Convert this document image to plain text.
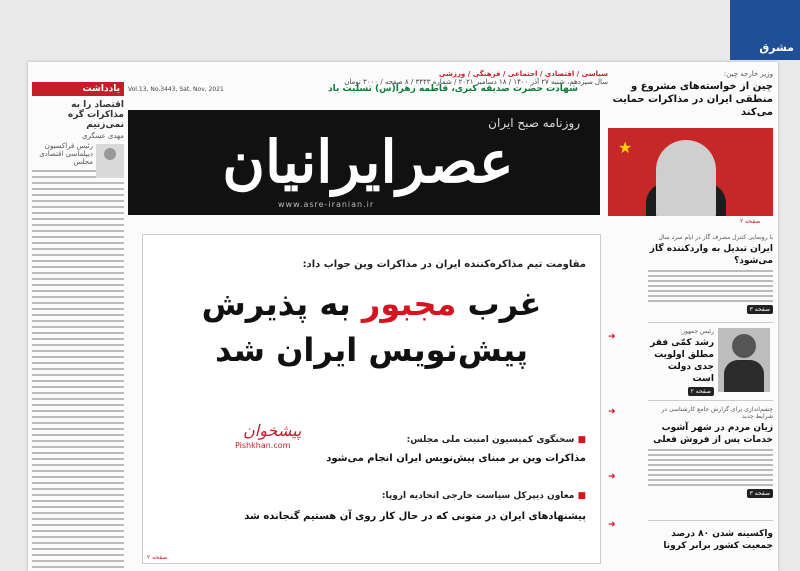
یادداشت
اقتصاد را به مذاکرات گره نمی‌زنیم
مهدی عسگری
رئیس فراکسیون دیپلماسی اقتصادی مجلس
سیاسی / اقتصادی / اجتماعی / فرهنگی / ورزشی
سال سیزدهم، شنبه ۲۷ آذر ۱۴۰۰ / ۱۸ دسامبر ۲۰۲۱ / شماره ۳۴۴۳ / ۸ صفحه / ۳۰۰۰ تومان
Vol.13, No.3443, Sat, Nov, 2021	شهادت حضرت صدیقه کبری، فاطمه زهرا(س) تسلیت باد
روزنامه صبح ایران
عصرایرانیان
www.asre-iranian.ir
وزیر خارجه چین:
چین از خواسته‌های مشروع و منطقی ایران در مذاکرات حمایت می‌کند
★
صفحه ۲
مقاومت تیم مذاکره‌کننده ایران در مذاکرات وین جواب داد:
غرب مجبور به پذیرش
پیش‌نویس ایران شد
پیشخوان
Pishkhan.com
■ سخنگوی کمیسیون امنیت ملی مجلس:
مذاکرات وین بر مبنای پیش‌نویس ایران انجام می‌شود
■ معاون دیپرکل سیاست خارجی اتحادیه اروپا:
پیشنهادهای ایران در متونی که در حال کار روی آن هستیم گنجانده شد
صفحه ۲
با رونمایی کنترل مصرف گاز در ایام سرد سال
ایران تبدیل به واردکننده گاز می‌شود؟
صفحه ۳
رئیس جمهور:
رشد کمّی فقر مطلق اولویت جدی دولت است
صفحه ۲
چشم‌اندازی برای گزارش جامع کارشناسی در شرایط جدید
زیان مردم در شهر آشوب خدمات پس از فروش فعلی
صفحه ۳
واکسینه شدن ۸۰ درصد جمعیت کشور برابر کرونا
➜
➜
➜
➜
مشرق
